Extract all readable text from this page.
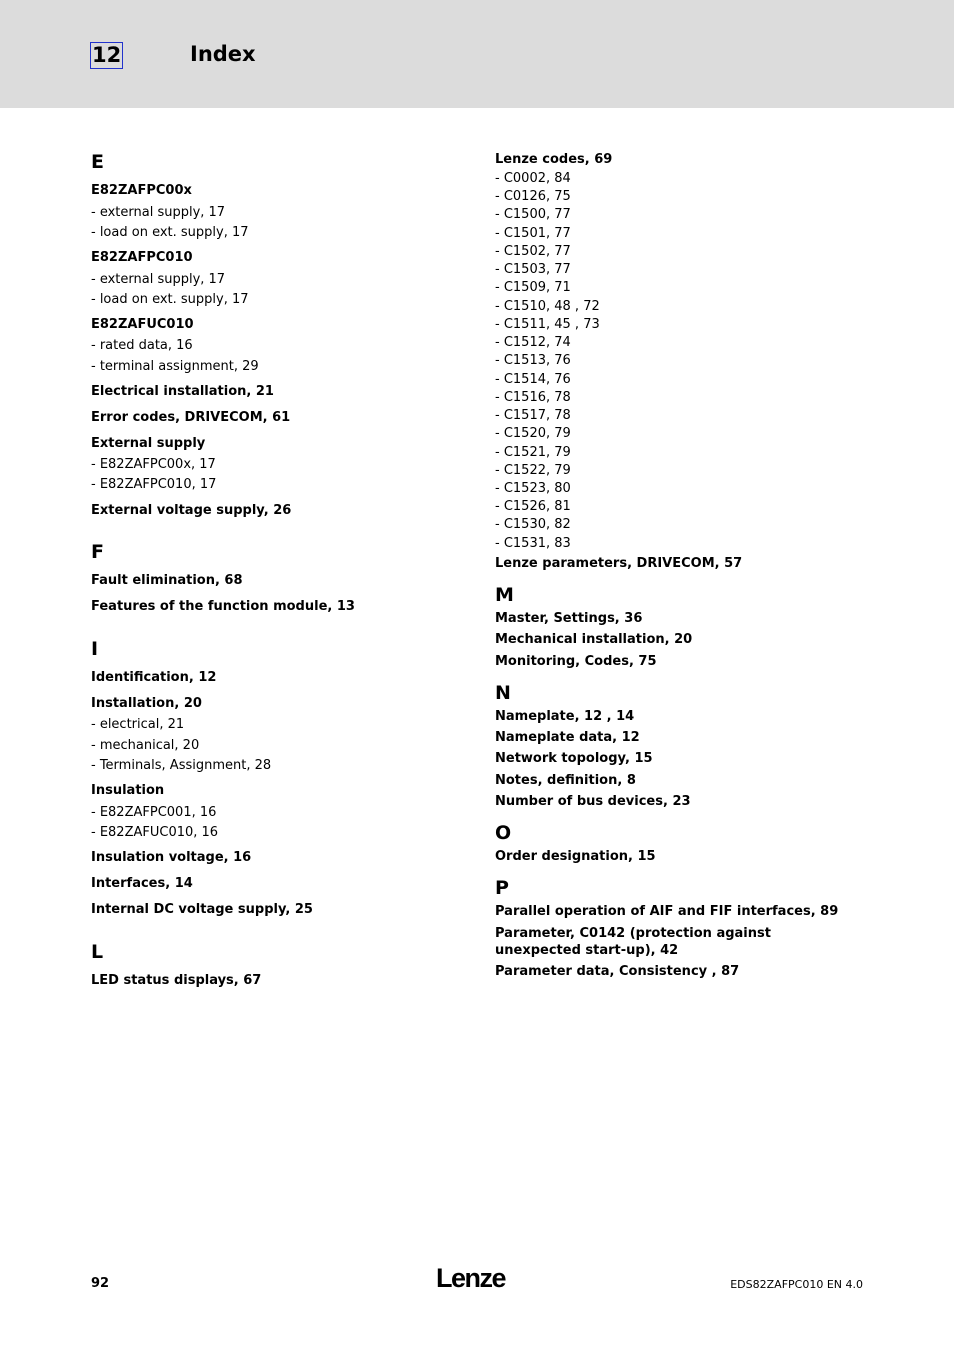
12	Index
E
E82ZAFPC00x
- external supply, 17
- load on ext. supply, 17
E82ZAFPC010
- external supply, 17
- load on ext. supply, 17
E82ZAFUC010
- rated data, 16
- terminal assignment, 29
Electrical installation, 21
Error codes, DRIVECOM, 61
External supply
- E82ZAFPC00x, 17
- E82ZAFPC010, 17
External voltage supply, 26
F
Fault elimination, 68
Features of the function module, 13
I
Identification, 12
Installation, 20
- electrical, 21
- mechanical, 20
- Terminals, Assignment, 28
Insulation
- E82ZAFPC001, 16
- E82ZAFUC010, 16
Insulation voltage, 16
Interfaces, 14
Internal DC voltage supply, 25
L
LED status displays, 67
Lenze codes, 69
- C0002, 84
- C0126, 75
- C1500, 77
- C1501, 77
- C1502, 77
- C1503, 77
- C1509, 71
- C1510, 48 , 72
- C1511, 45 , 73
- C1512, 74
- C1513, 76
- C1514, 76
- C1516, 78
- C1517, 78
- C1520, 79
- C1521, 79
- C1522, 79
- C1523, 80
- C1526, 81
- C1530, 82
- C1531, 83
Lenze parameters, DRIVECOM, 57
M
Master, Settings, 36
Mechanical installation, 20
Monitoring, Codes, 75
N
Nameplate, 12 , 14
Nameplate data, 12
Network topology, 15
Notes, definition, 8
Number of bus devices, 23
O
Order designation, 15
P
Parallel operation of AIF and FIF interfaces, 89
Parameter, C0142 (protection against unexpected start-up), 42
Parameter data, Consistency , 87
92	Lenze	EDS82ZAFPC010 EN 4.0
